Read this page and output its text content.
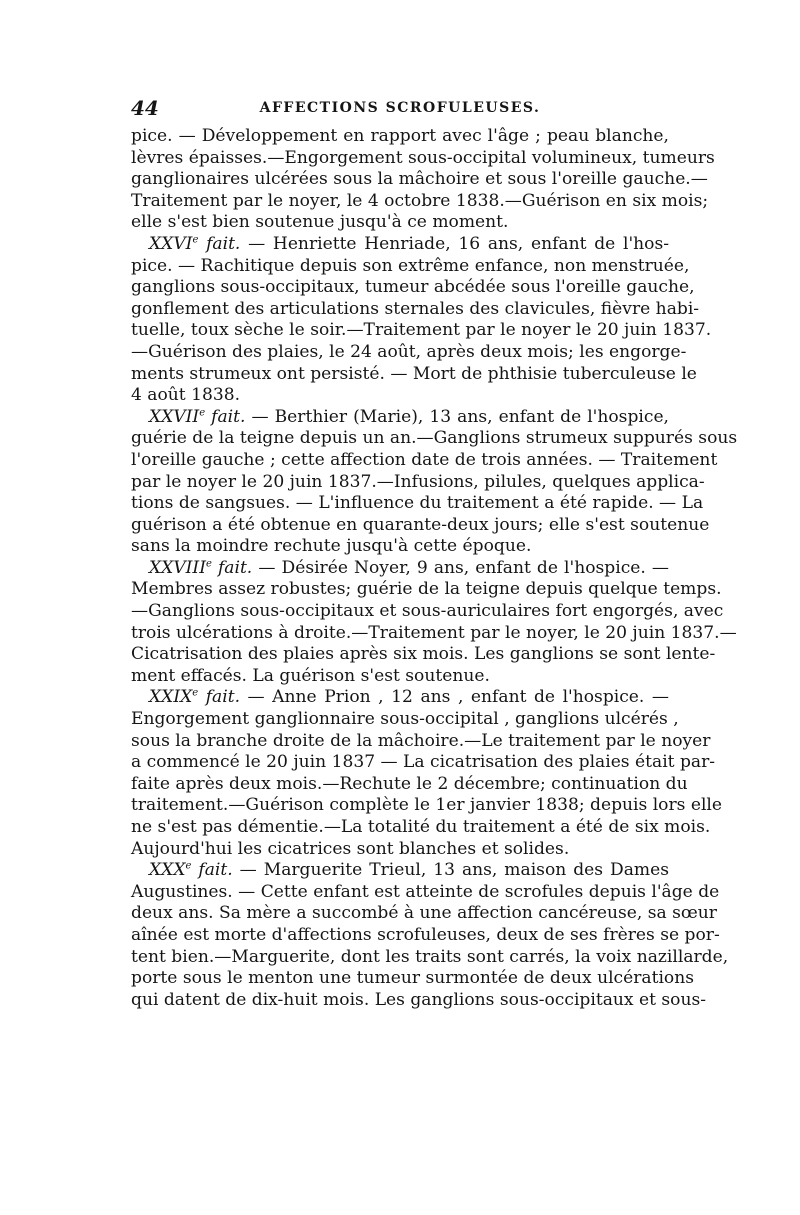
44	AFFECTIONS SCROFULEUSES.
pice. — Développement en rapport avec l'âge ; peau blanche,
lèvres épaisses.—Engorgement sous-occipital volumineux, tumeurs
ganglionaires ulcérées sous la mâchoire et sous l'oreille gauche.—
Traitement par le noyer, le 4 octobre 1838.—Guérison en six mois;
elle s'est bien soutenue jusqu'à ce moment.
XXVIe fait. — Henriette Henriade, 16 ans, enfant de l'hos-
pice. — Rachitique depuis son extrême enfance, non menstruée,
ganglions sous-occipitaux, tumeur abcédée sous l'oreille gauche,
gonflement des articulations sternales des clavicules, fièvre habi-
tuelle, toux sèche le soir.—Traitement par le noyer le 20 juin 1837.
—Guérison des plaies, le 24 août, après deux mois; les engorge-
ments strumeux ont persisté. — Mort de phthisie tuberculeuse le
4 août 1838.
XXVIIe fait. — Berthier (Marie), 13 ans, enfant de l'hospice,
guérie de la teigne depuis un an.—Ganglions strumeux suppurés sous
l'oreille gauche ; cette affection date de trois années. — Traitement
par le noyer le 20 juin 1837.—Infusions, pilules, quelques applica-
tions de sangsues. — L'influence du traitement a été rapide. — La
guérison a été obtenue en quarante-deux jours; elle s'est soutenue
sans la moindre rechute jusqu'à cette époque.
XXVIIIe fait. — Désirée Noyer, 9 ans, enfant de l'hospice. —
Membres assez robustes; guérie de la teigne depuis quelque temps.
—Ganglions sous-occipitaux et sous-auriculaires fort engorgés, avec
trois ulcérations à droite.—Traitement par le noyer, le 20 juin 1837.—
Cicatrisation des plaies après six mois. Les ganglions se sont lente-
ment effacés. La guérison s'est soutenue.
XXIXe fait. — Anne Prion , 12 ans , enfant de l'hospice. —
Engorgement ganglionnaire sous-occipital , ganglions ulcérés ,
sous la branche droite de la mâchoire.—Le traitement par le noyer
a commencé le 20 juin 1837 — La cicatrisation des plaies était par-
faite après deux mois.—Rechute le 2 décembre; continuation du
traitement.—Guérison complète le 1er janvier 1838; depuis lors elle
ne s'est pas démentie.—La totalité du traitement a été de six mois.
Aujourd'hui les cicatrices sont blanches et solides.
XXXe fait. — Marguerite Trieul, 13 ans, maison des Dames
Augustines. — Cette enfant est atteinte de scrofules depuis l'âge de
deux ans. Sa mère a succombé à une affection cancéreuse, sa sœur
aînée est morte d'affections scrofuleuses, deux de ses frères se por-
tent bien.—Marguerite, dont les traits sont carrés, la voix nazillarde,
porte sous le menton une tumeur surmontée de deux ulcérations
qui datent de dix-huit mois. Les ganglions sous-occipitaux et sous-
